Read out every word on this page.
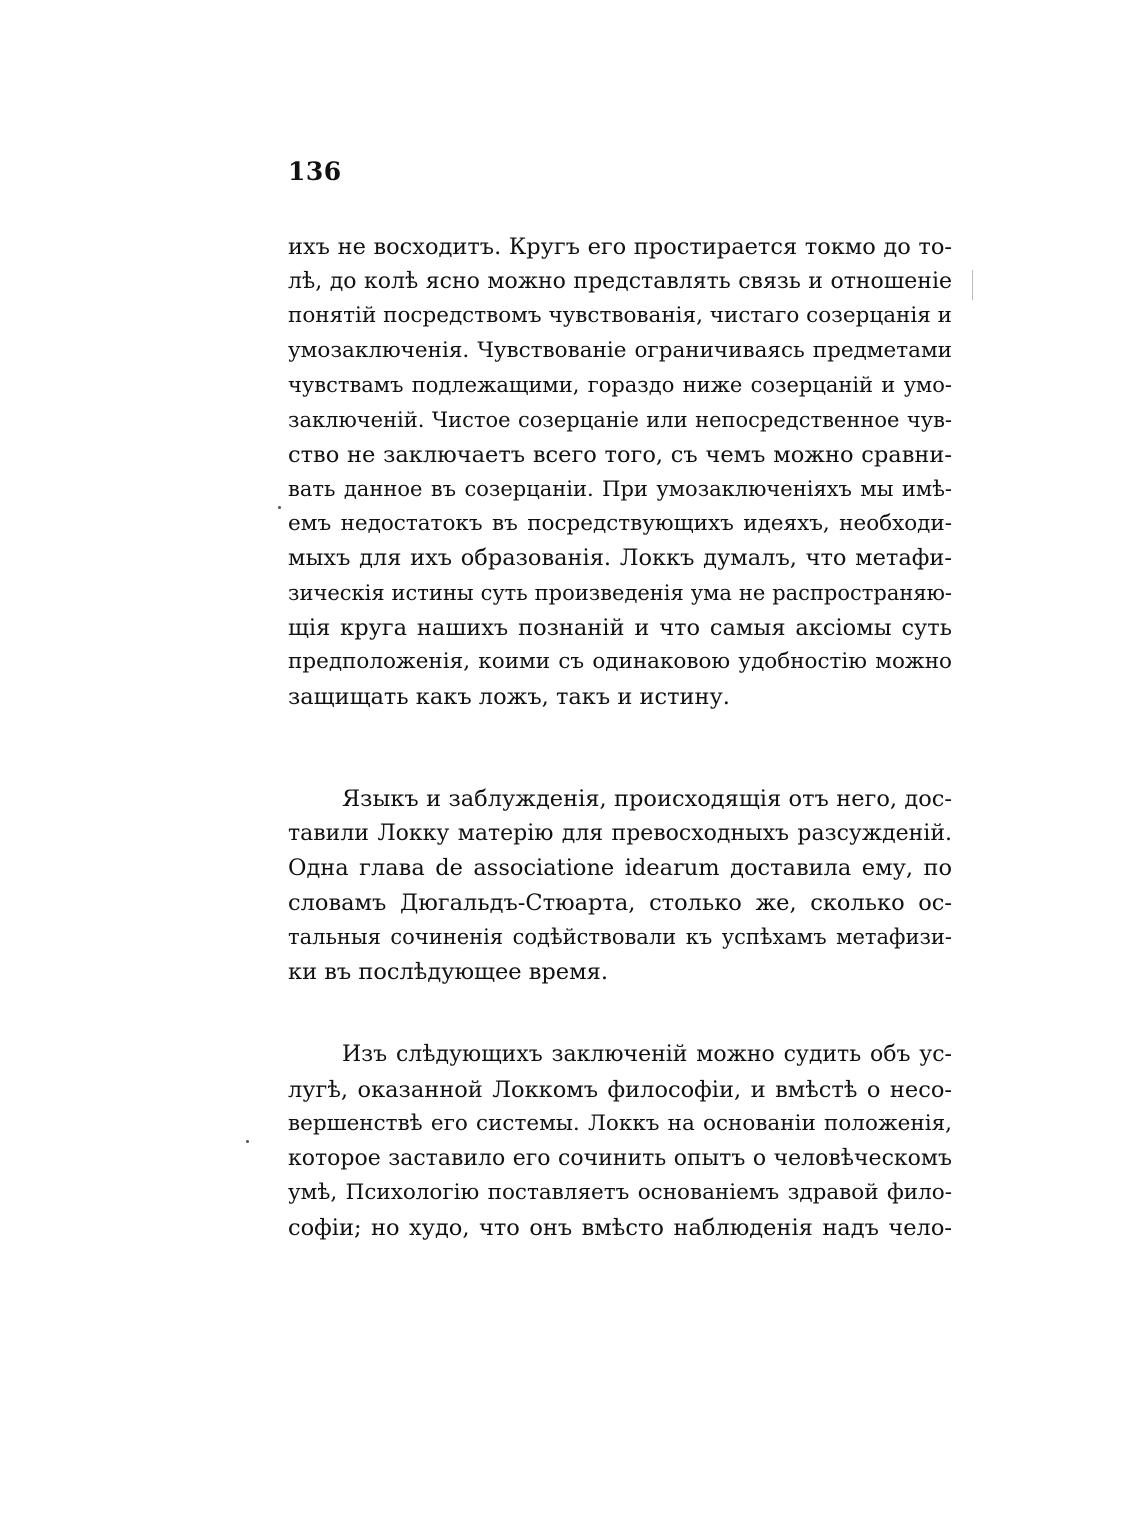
136
ихъ не восходитъ. Кругъ его простирается токмо до то-
лѣ, до колѣ ясно можно представлять связь и отношеніе
понятій посредствомъ чувствованія, чистаго созерцанія и
умозаключенія. Чувствованіе ограничиваясь предметами
чувствамъ подлежащими, гораздо ниже созерцаній и умо-
заключеній. Чистое созерцаніе или непосредственное чув-
ство не заключаетъ всего того, съ чемъ можно сравни-
вать данное въ созерцаніи. При умозаключеніяхъ мы имѣ-
емъ недостатокъ въ посредствующихъ идеяхъ, необходи-
мыхъ для ихъ образованія. Локкъ думалъ, что метафи-
зическія истины суть произведенія ума не распространяю-
щія круга нашихъ познаній и что самыя аксіомы суть
предположенія, коими съ одинаковою удобностію можно
защищать какъ ложъ, такъ и истину.
Языкъ и заблужденія, происходящія отъ него, дос-
тавили Локку матерію для превосходныхъ разсужденій.
Одна глава de associatione idearum доставила ему, по
словамъ Дюгальдъ-Стюарта, столько же, сколько ос-
тальныя сочиненія содѣйствовали къ успѣхамъ метафизи-
ки въ послѣдующее время.
Изъ слѣдующихъ заключеній можно судить объ ус-
лугѣ, оказанной Локкомъ философіи, и вмѣстѣ о несо-
вершенствѣ его системы. Локкъ на основаніи положенія,
которое заставило его сочинить опытъ о человѣческомъ
умѣ, Психологію поставляетъ основаніемъ здравой фило-
софіи; но худо, что онъ вмѣсто наблюденія надъ чело-
